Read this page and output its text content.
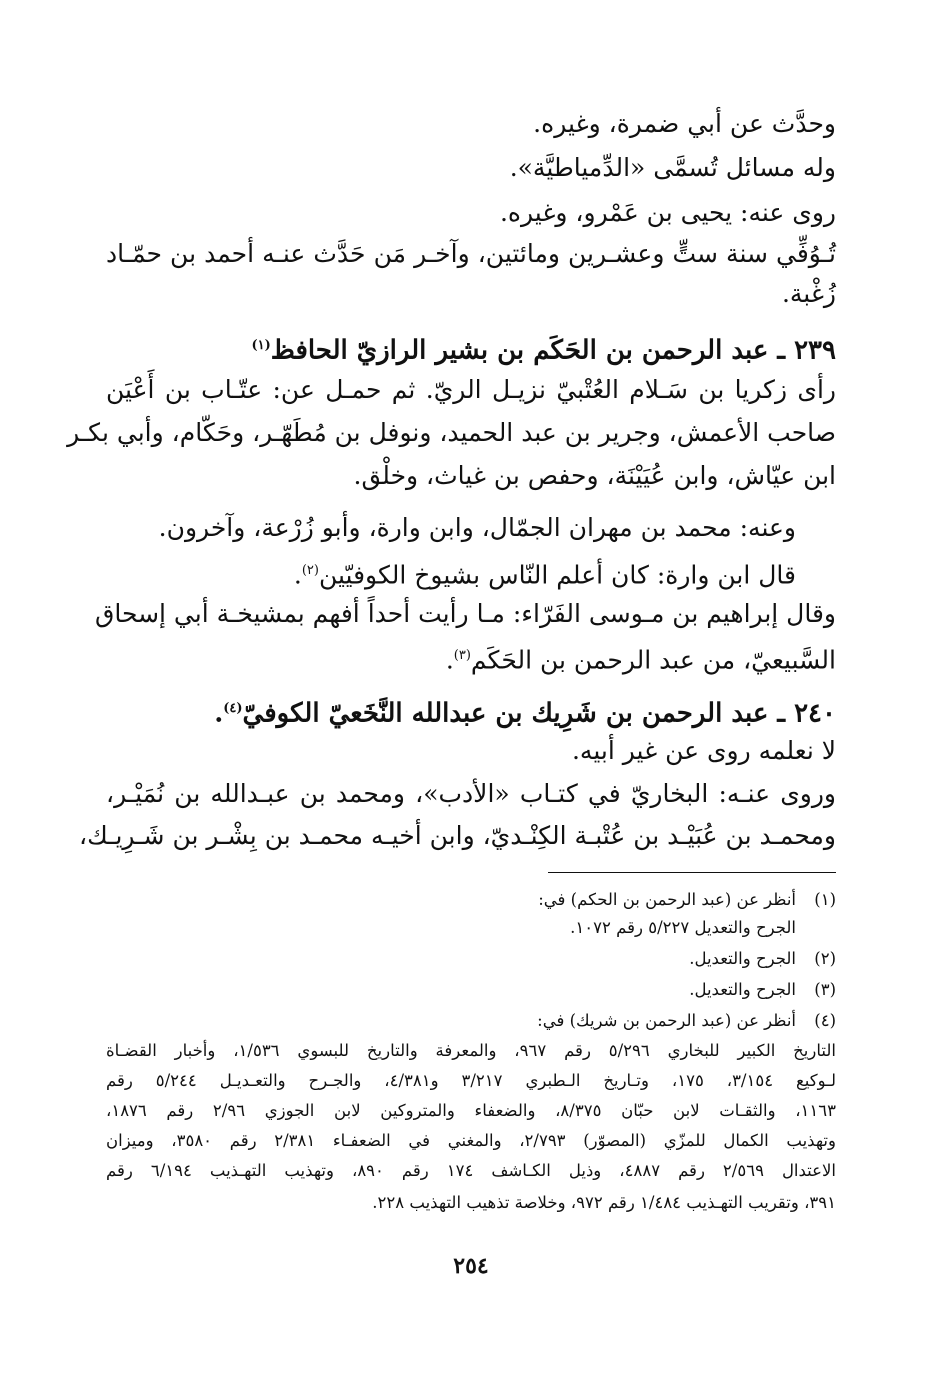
وحدَّث عن أبي ضمرة، وغيره.

وله مسائل تُسمَّى «الدِّمياطيَّة».

روى عنه: يحيى بن عَمْرو، وغيره.

تُـوُفِّي سنة ستٍّ وعشـرين ومائتين، وآخـر مَن حَدَّث عنـه أحمد بن حمّـاد

زُغْبة.

٢٣٩ ـ عبد الرحمن بن الحَكَم بن بشير الرازيّ الحافظ$^{(١)}$

رأى زكريا بن سَـلام العُتْبيّ نزيـل الريّ. ثم حمـل عن: عتّـاب بن أَعْيَن

صاحب الأعمش، وجرير بن عبد الحميد، ونوفل بن مُطَهّـر، وحَكّام، وأبي بكـر

ابن عيّاش، وابن عُيَيْنَة، وحفص بن غياث، وخلْق.

وعنه: محمد بن مهران الجمّال، وابن وارة، وأبو زُرْعة، وآخرون.

قال ابن وارة: كان أعلم النّاس بشيوخ الكوفيّين$^{(٢)}$.

وقال إبراهيم بن مـوسى الفَرّاء: مـا رأيت أحداً أفهم بمشيخـة أبي إسحاق

السَّبيعيّ، من عبد الرحمن بن الحَكَم$^{(٣)}$.

٢٤٠ ـ عبد الرحمن بن شَرِيك بن عبدالله النَّخَعيّ الكوفيّ$^{(٤)}$.

لا نعلمه روى عن غير أبيه.

وروى عنـه: البخاريّ في كتـاب «الأدب»، ومحمد بن عبـدالله بن نُمَيْـر،

ومحمـد بن عُبَيْـد بن عُتْبـة الكِنْـديّ، وابن أخيـه محمـد بن بِشْـر بن شَـرِيـك،

(١)

أنظر عن (عبد الرحمن بن الحكم) في:

الجرح والتعديل ٥/٢٢٧ رقم ١٠٧٢.

(٢)

الجرح والتعديل.

(٣)

الجرح والتعديل.

(٤)

أنظر عن (عبد الرحمن بن شريك) في:

التاريخ الكبير للبخاري ٥/٢٩٦ رقم ٩٦٧، والمعرفة والتاريخ للبسوي ١/٥٣٦، وأخبار القضـاة

لـوكيع ٣/١٥٤، ١٧٥، وتـاريخ الـطبري ٣/٢١٧ و٤/٣٨١، والجـرح والتعـديـل ٥/٢٤٤ رقم

١١٦٣، والثقـات لابن حبّان ٨/٣٧٥، والضعفاء والمتروكين لابن الجوزي ٢/٩٦ رقم ١٨٧٦،

وتهذيب الكمال للمزّي (المصوّر) ٢/٧٩٣، والمغني في الضعفـاء ٢/٣٨١ رقم ٣٥٨٠، وميزان

الاعتدال ٢/٥٦٩ رقم ٤٨٨٧، وذيل الكـاشف ١٧٤ رقم ٨٩٠، وتهذيب التهـذيب ٦/١٩٤ رقم

٣٩١، وتقريب التهـذيب ١/٤٨٤ رقم ٩٧٢، وخلاصة تذهيب التهذيب ٢٢٨.

٢٥٤
